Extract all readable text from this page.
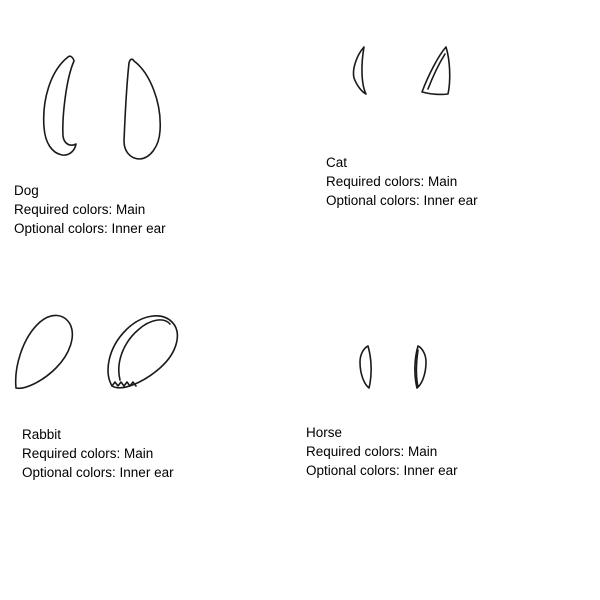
Dog
Required colors: Main
Optional colors: Inner ear
Cat
Required colors: Main
Optional colors: Inner ear
Rabbit
Required colors: Main
Optional colors: Inner ear
Horse
Required colors: Main
Optional colors: Inner ear
